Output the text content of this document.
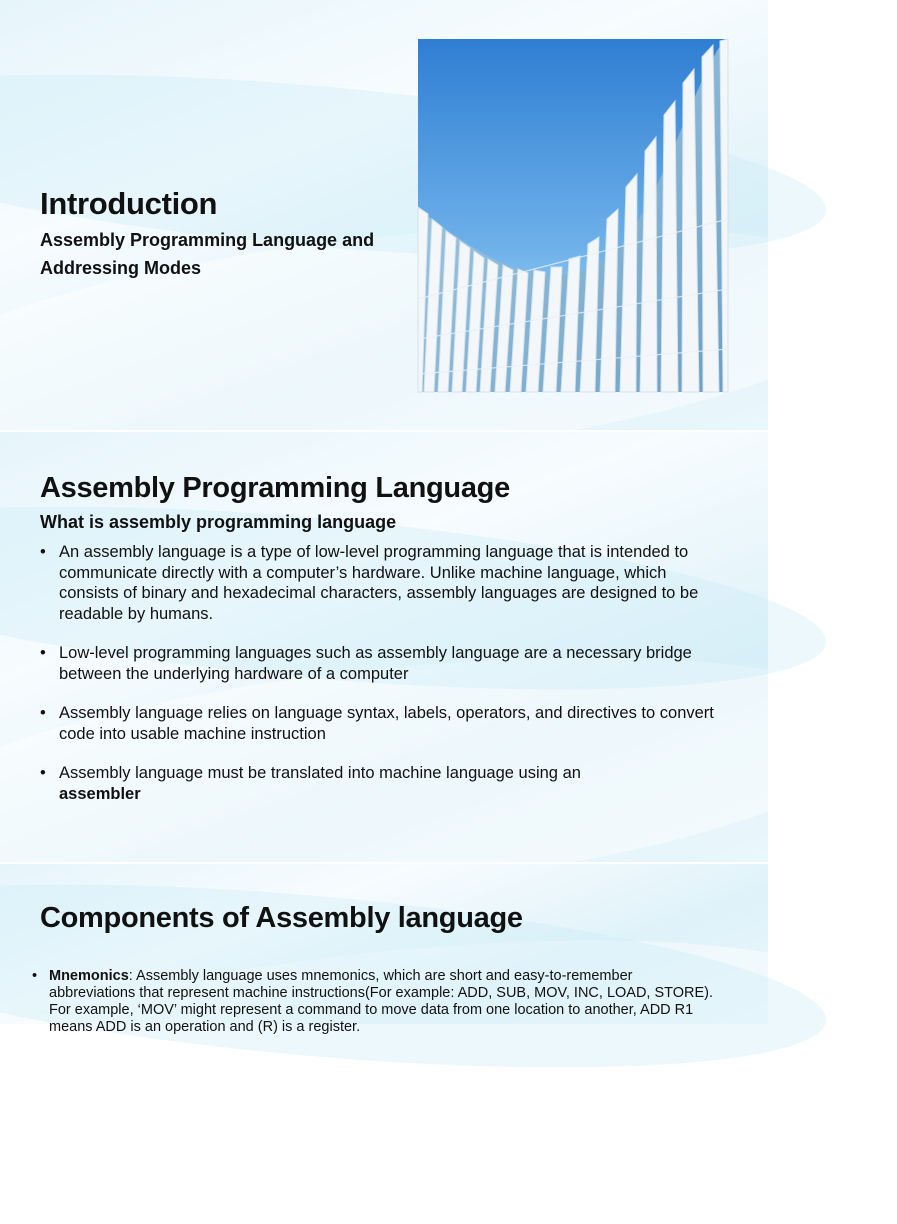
Introduction

Assembly Programming Language and Addressing Modes

Assembly Programming Language
What is assembly programming language
• An assembly language is a type of low-level programming language that is intended to communicate directly with a computer’s hardware. Unlike machine language, which consists of binary and hexadecimal characters, assembly languages are designed to be readable by humans.
• Low-level programming languages such as assembly language are a necessary bridge between the underlying hardware of a computer
• Assembly language relies on language syntax, labels, operators, and directives to convert code into usable machine instruction
• Assembly language must be translated into machine language using an
assembler
Components of Assembly language
• Mnemonics: Assembly language uses mnemonics, which are short and easy-to-remember abbreviations that represent machine instructions(For example: ADD, SUB, MOV, INC, LOAD, STORE). For example, ‘MOV’ might represent a command to move data from one location to another, ADD R1 means ADD is an operation and (R) is a register.
